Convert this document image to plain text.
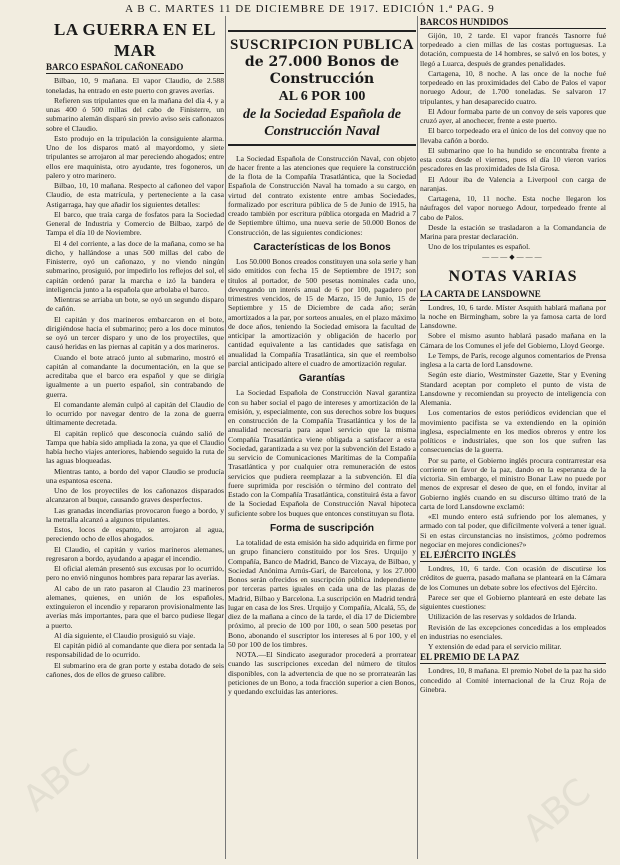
A B C. MARTES 11 DE DICIEMBRE DE 1917. EDICIÓN 1.ª PAG. 9
LA GUERRA EN EL MAR
BARCO ESPAÑOL CAÑONEADO

Bilbao, 10, 9 mañana. El vapor Claudio, de 2.588 toneladas, ha entrado en este puerto con graves averías.

Refieren sus tripulantes que en la mañana del día 4, y a unas 400 ó 500 millas del cabo de Finisterre, un submarino alemán disparó sin previo aviso seis cañonazos sobre el Claudio.

Esto produjo en la tripulación la consiguiente alarma. Uno de los disparos mató al mayordomo, y siete tripulantes se arrojaron al mar pereciendo ahogados; entre ellos ere maquinista, otro ayudante, tres fogoneros, un palero y otro marinero.

Bilbao, 10, 10 mañana. Respecto al cañoneo del vapor Claudio, de esta matrícula, y perteneciente a la casa Astigarraga, hay que añadir los siguientes detalles:

El barco, que traía carga de fosfatos para la Sociedad General de Industria y Comercio de Bilbao, zarpó de Tampa el día 10 de Noviembre.

El 4 del corriente, a las doce de la mañana, como se ha dicho, y hallándose a unas 500 millas del cabo de Finisterre, oyó un cañonazo, y no viendo ningún submarino, prosiguió, por impedirlo los reflejos del sol, el capitán ordenó parar la marcha e izó la bandera e inteligencia junto a la española que arbolaba el barco.

Mientras se arriaba un bote, se oyó un segundo disparo de cañón.

El capitán y dos marineros embarcaron en el bote, dirigiéndose hacia el submarino; pero a los doce minutos se oyó un tercer disparo y uno de los proyectiles, que causó heridas en las piernas al capitán y a dos marineros.

Cuando el bote atracó junto al submarino, mostró el capitán al comandante la documentación, en la que se acreditaba que el barco era español y que se dirigía igualmente a un puerto español, sin contrabando de guerra.

El comandante alemán culpó al capitán del Claudio de lo ocurrido por navegar dentro de la zona de guerra últimamente decretada.

El capitán replicó que desconocía cuándo salió de Tampa que había sido ampliada la zona, ya que el Claudio había hecho viajes anteriores, habiendo seguido la ruta de las aguas bloqueadas.

Mientras tanto, a bordo del vapor Claudio se producía una espantosa escena.

Uno de los proyectiles de los cañonazos disparados alcanzaron al buque, causando graves desperfectos.

Las granadas incendiarias provocaron fuego a bordo, y la metralla alcanzó a algunos tripulantes.

Estos, locos de espanto, se arrojaron al agua, pereciendo ocho de ellos ahogados.

El Claudio, el capitán y varios marineros alemanes, regresaron a bordo, ayudando a apagar el incendio.

El oficial alemán presentó sus excusas por lo ocurrido, pero no envió ningunos hombres para reparar las averías.

Al cabo de un rato pasaron al Claudio 23 marineros alemanes, quienes, en unión de los españoles, extinguieron el incendio y repararon provisionalmente las averías más importantes, para que el barco pudiese llegar a puerto.

Al día siguiente, el Claudio prosiguió su viaje.

El capitán pidió al comandante que diera por sentada la responsabilidad de lo ocurrido.

El submarino era de gran porte y estaba dotado de seis cañones, dos de ellos de grueso calibre.

SUSCRIPCION PUBLICA
de 27.000 Bonos de Construcción
AL 6 POR 100
de la Sociedad Española de Construcción Naval

La Sociedad Española de Construcción Naval, con objeto de hacer frente a las atenciones que requiere la construcción de la flota de la Compañía Trasatlántica, que la Sociedad Española de Construcción Naval ha tomado a su cargo, en virtud del contrato existente entre ambas Sociedades, formalizado por escritura pública de 5 de Junio de 1915, ha creado también por escritura pública otorgada en Madrid a 7 de Septiembre último, una nueva serie de 50.000 Bonos de Construcción, de las siguientes condiciones:

Características de los Bonos

Los 50.000 Bonos creados constituyen una sola serie y han sido emitidos con fecha 15 de Septiembre de 1917; son títulos al portador, de 500 pesetas nominales cada uno, devengando un interés anual de 6 por 100, pagadero por trimestres vencidos, de 15 de Marzo, 15 de Junio, 15 de Septiembre y 15 de Diciembre de cada año; serán amortizados a la par, por sorteos anuales, en el plazo máximo de doce años, teniendo la Sociedad emisora la facultad de anticipar la amortización y obligación de hacerlo por cantidad equivalente a las cantidades que satisfaga en anualidad la Compañía Trasatlántica, sin que el reembolso parcial anticipado altere el cuadro de amortización regular.

Garantías

La Sociedad Española de Construcción Naval garantiza con su haber social el pago de intereses y amortización de la emisión, y, especialmente, con sus derechos sobre los buques en construcción de la Compañía Trasatlántica y los de la anualidad necesaria para aquel servicio que la misma Compañía Trasatlántica viene obligada a satisfacer a esta Sociedad, garantizada a su vez por la subvención del Estado a su servicio de Comunicaciones Marítimas de la Compañía Trasatlántica y por cualquier otra remuneración de estos servicios que pudiera reemplazar a la subvención. El día fuere suprimida por rescisión o término del contrato del Estado con la Compañía Trasatlántica, constituirá ésta a favor de la Sociedad Española de Construcción Naval hipoteca suficiente sobre los buques que entonces constituyan su flota.

Forma de suscripción

La totalidad de esta emisión ha sido adquirida en firme por un grupo financiero constituido por los Sres. Urquijo y Compañía, Banco de Madrid, Banco de Vizcaya, de Bilbao, y Sociedad Anónima Arnús-Garí, de Barcelona, y los 27.000 Bonos serán ofrecidos en suscripción pública independiente por terceras partes iguales en cada una de las plazas de Madrid, Bilbao y Barcelona. La suscripción en Madrid tendrá lugar en casa de los Sres. Urquijo y Compañía, Alcalá, 55, de diez de la mañana a cinco de la tarde, el día 17 de Diciembre próximo, al precio de 100 por 100, o sean 500 pesetas por Bono, abonando el suscriptor los intereses al 6 por 100, y el 50 por 100 de los timbres.

NOTA.—El Sindicato asegurador procederá a prorratear cuando las suscripciones excedan del número de títulos disponibles, con la advertencia de que no se prorratearán las peticiones de un Bono, a toda fracción superior a cien Bonos, y quedando excluidas las anteriores.

BARCOS HUNDIDOS

Gijón, 10, 2 tarde. El vapor francés Tasnorre fué torpedeado a cien millas de las costas portuguesas. La dotación, compuesta de 14 hombres, se salvó en los botes, y llegó a Luarca, después de grandes penalidades.

Cartagena, 10, 8 noche. A las once de la noche fué torpedeado en las proximidades del Cabo de Palos el vapor noruego Adour, de 1.700 toneladas. Se salvaron 17 tripulantes, y han desaparecido cuatro.

El Adour formaba parte de un convoy de seis vapores que cruzó ayer, al anochecer, frente a este puerto.

El barco torpedeado era el único de los del convoy que no llevaba cañón a bordo.

El submarino que lo ha hundido se encontraba frente a esta costa desde el viernes, pues el día 10 vieron varios pescadores en las proximidades de Isla Grosa.

El Adour iba de Valencia a Liverpool con carga de naranjas.

Cartagena, 10, 11 noche. Esta noche llegaron los náufragos del vapor noruego Adour, torpedeado frente al cabo de Palos.

Desde la estación se trasladaron a la Comandancia de Marina para prestar declaración.

Uno de los tripulantes es español.

———◆———
NOTAS VARIAS
LA CARTA DE LANSDOWNE

Londres, 10, 6 tarde. Míster Asquith hablará mañana por la noche en Birmingham, sobre la ya famosa carta de lord Lansdowne.

Sobre el mismo asunto hablará pasado mañana en la Cámara de los Comunes el jefe del Gobierno, Lloyd George.

Le Temps, de París, recoge algunos comentarios de Prensa inglesa a la carta de lord Lansdowne.

Según este diario, Westminster Gazette, Star y Evening Standard aceptan por completo el punto de vista de Lansdowne y recomiendan su proyecto de inteligencia con Alemania.

Los comentarios de estos periódicos evidencian que el movimiento pacifista se va extendiendo en la opinión inglesa, especialmente en los medios obreros y entre los políticos e industriales, que son los que sufren las consecuencias de la guerra.

Por su parte, el Gobierno inglés procura contrarrestar esa corriente en favor de la paz, dando en la esperanza de la victoria. Sin embargo, el ministro Bonar Law no puede por menos de expresar el deseo de que, en el fondo, invitar al Gobierno inglés cuando en su discurso último trató de la carta de lord Lansdowne exclamó:

«El mundo entero está sufriendo por los alemanes, y armado con tal poder, que difícilmente volverá a tener igual. Si en estas circunstancias no insistimos, ¿cómo podremos negociar en mejores condiciones?»

EL EJÉRCITO INGLÉS

Londres, 10, 6 tarde. Con ocasión de discutirse los créditos de guerra, pasado mañana se planteará en la Cámara de los Comunes un debate sobre los efectivos del Ejército.

Parece ser que el Gobierno planteará en este debate las siguientes cuestiones:

Utilización de las reservas y soldados de Irlanda.

Revisión de las excepciones concedidas a los empleados en industrias no esenciales.

Y extensión de edad para el servicio militar.

EL PREMIO DE LA PAZ

Londres, 10, 8 mañana. El premio Nobel de la paz ha sido concedido al Comité internacional de la Cruz Roja de Ginebra.

ABC	ABC
